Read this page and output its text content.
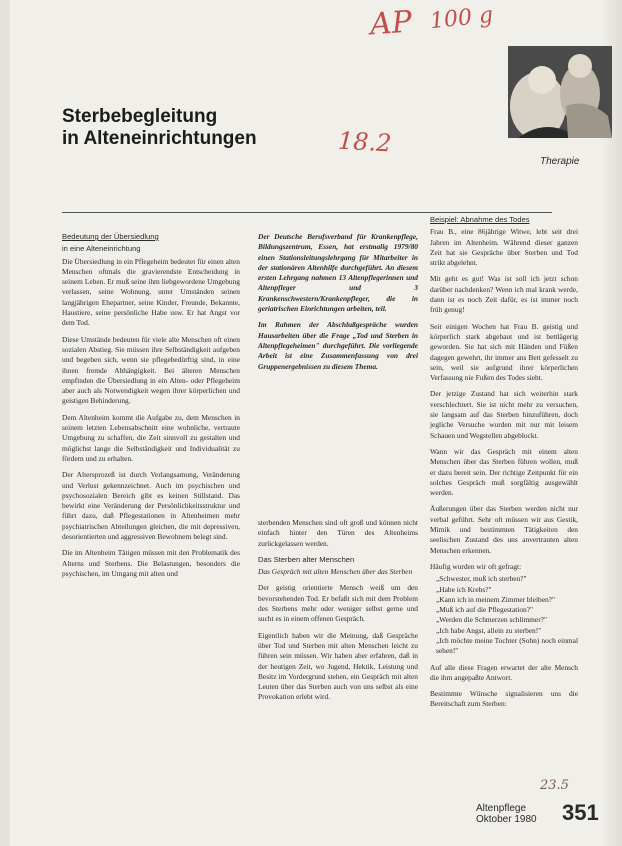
AP 100 g
18.2
Sterbebegleitung
in Alteneinrichtungen
Therapie
Bedeutung der Übersiedlung
in eine Alteneinrichtung

Die Übersiedlung in ein Pflegeheim bedeutet für einen alten Menschen oftmals die gravierendste Entscheidung in seinem Leben. Er muß seine ihm liebgewordene Umgebung verlassen, seine Wohnung, unter Umständen seinen langjährigen Ehepartner, seine Kinder, Freunde, Bekannte, Haustiere, seine persönliche Habe usw. Er hat Angst vor dem Tod.

Diese Umstände bedeuten für viele alte Menschen oft einen sozialen Abstieg. Sie müssen ihre Selbständigkeit aufgeben und begeben sich, wenn sie pflegebedürftig sind, in eine ihnen fremde Abhängigkeit. Bei älteren Menschen empfinden die Übersiedlung in ein Alten- oder Pflegeheim aber auch als Notwendigkeit wegen ihrer körperlichen und geistigen Behinderung.

Dem Altenheim kommt die Aufgabe zu, dem Menschen in seinem letzten Lebensabschnitt eine wohnliche, vertraute Umgebung zu schaffen, die Zeit sinnvoll zu gestalten und möglichst lange die Selbständigkeit und Individualität zu fördern und zu erhalten.

Der Altersprozeß ist durch Verlangsamung, Veränderung und Verlust gekennzeichnet. Auch im psychischen und psychosozialen Bereich gibt es keinen Stillstand. Das bewirkt eine Veränderung der Persönlichkeitsstruktur und führt dazu, daß Pflegestationen in Altenheimen mehr psychiatrischen Abteilungen gleichen, die mit depressiven, desorientierten und aggressiven Bewohnern belegt sind.

Die im Altenheim Tätigen müssen mit den Problematik des Alterns und Sterbens. Die Belastungen, besonders die psychischen, im Umgang mit alten und

Der Deutsche Berufsverband für Krankenpflege, Bildungszentrum, Essen, hat erstmalig 1979/80 einen Stationsleitungslehrgang für Mitarbeiter in der stationären Altenhilfe durchgeführt. An diesem ersten Lehrgang nahmen 13 Altenpflegerinnen und Altenpfleger und 3 Krankenschwestern/Krankenpfleger, die in geriatrischen Einrichtungen arbeiten, teil.

Im Rahmen der Abschlußgespräche wurden Hausarbeiten über die Frage „Tod und Sterben in Altenpflegeheimen" durchgeführt. Die vorliegende Arbeit ist eine Zusammenfassung von drei Gruppenergebnissen zu diesem Thema.

sterbenden Menschen sind oft groß und können nicht einfach hinter den Türen des Altenheims zurückgelassen werden.

Das Sterben alter Menschen

Das Gespräch mit alten Menschen über das Sterben

Der geistig orientierte Mensch weiß um den bevorstehenden Tod. Er befaßt sich mit dem Problem des Sterbens mehr oder weniger selbst gerne und sucht es in einem offenen Gespräch.

Eigentlich haben wir die Meinung, daß Gespräche über Tod und Sterben mit alten Menschen leicht zu führen sein müssen. Wir haben aber erfahren, daß in der heutigen Zeit, wo Jugend, Hektik, Leistung und Besitz im Vordergrund stehen, ein Gespräch mit alten Leuten über das Sterben auch von uns selbst als eine Provokation erlebt wird.

Beispiel: Abnahme des Todes

Frau B., eine 86jährige Witwe, lebt seit drei Jahren im Altenheim. Während dieser ganzen Zeit hat sie Gespräche über Sterben und Tod strikt abgelehnt.

Mit geht es gut! Was ist soll ich jetzt schon darüber nachdenken? Wenn ich mal krank werde, dann ist es noch Zeit dafür, es ist immer noch früh genug!

Seit einigen Wochen hat Frau B. geistig und körperlich stark abgebaut und ist bettlägerig geworden. Sie hat sich mit Händen und Füßen dagegen gewehrt, ihr immer ans Bett gefesselt zu sein, weil sie aufgrund ihrer körperlichen Verfassung nie Fußen des Todes sieht.

Der jetzige Zustand hat sich weiterhin stark verschlechtert. Sie ist nicht mehr zu versuchen, sie langsam auf das Sterben hinzuführen, doch jegliche Versuche wurden mit nur mit leisem Schauen und Wegstellen abgeblockt.

Wann wir das Gespräch mit einem alten Menschen über das Sterben führen wollen, muß er dazu bereit sein. Der richtige Zeitpunkt für ein solches Gespräch muß sorgfältig ausgewählt werden.

Äußerungen über das Sterben werden nicht nur verbal geführt. Sehr oft müssen wir aus Gestik, Mimik und bestimmten Tätigkeiten den seelischen Zustand des uns anvertrauten alten Menschen erkennen.

Häufig wurden wir oft gefragt:

„Schwester, muß ich sterben?"
„Habe ich Krebs?"
„Kann ich in meinem Zimmer bleiben?"
„Muß ich auf die Pflegestation?"
„Werden die Schmerzen schlimmer?"
„Ich habe Angst, allein zu sterben!"
„Ich möchte meine Tochter (Sohn) noch einmal sehen!"

Auf alle diese Fragen erwartet der alte Mensch die ihm angepaßte Antwort.

Bestimmte Wünsche signalisieren uns die Bereitschaft zum Sterben:

Altenpflege
Oktober 1980 351
23.5
